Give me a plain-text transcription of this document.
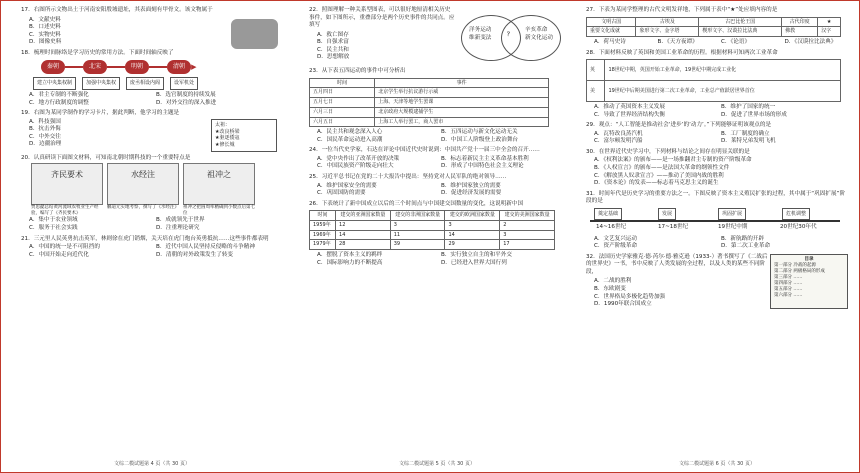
17．右图所示文物出土于河南安阳殷墟遗址，其表面刻有甲骨文。该文物属于
A．文献史料
B．口述史料
C．实物史料
D．图像史料
18．梳理时间脉络是学习历史的常用方法。下面时间轴反映了
秦朝	北宋	明朝	清朝 ▶
建立中央集权制	加强中央集权	废丞相设内阁	设军机处
A．君主专制的不断强化	B．选官制度的持续发展
C．地方行政制度的调整	D．对外交往的深入推进
19．右图为某同学制作的学习卡片，据此判断，他学习的主题是
A．科技强国
B．抗击外侮
C．中外交往
D．边疆治理
太祖：
★改良桥梁
★驱逐倭寇
★修长城
20．认真研读下面图文材料，可知南北朝时期科技的一个重要特点是
齐民要术
贾思勰总结黄河流域农牧业生产经验，编写了《齐民要术》
水经注
郦道元实地考察，撰写了《水经注》
祖冲之
祖冲之把圆周率精确到小数点后第七位
A．集中于农业领域	B．成就领先于世界
C．服务于社会实践	D．注重理论研究
21．三元里人民英勇抗击英军，林则徐在虎门销烟，关天培在虎门炮台英勇抵抗……这些事件都表明
A．中国的统一是不可阻挡的	B．近代中国人民坚持反侵略的斗争精神
C．中国开始走向近代化	D．清朝的对外政策发生了转变
文综二模试题第 4 页（共 30 页）
22．照图理解一种关系型图表，可以很好地厘清相关历史事件，如下图所示，重叠部分是两个历史事件的共同点。应填写
A．救亡图存
B．自强求富
C．民主共和
D．思想解放
洋务运动
维新变法
辛亥革命
新文化运动
？
23．从下表五四运动的事件中可分析出
时间	事件
五月四日	北京学生举行抗议游行示威
五月七日	上海、天津等地学生罢课
六月三日	北京政府大规模逮捕学生
六月五日	上海工人举行罢工，商人罢市
A．民主共和观念深入人心	B．五四运动与新文化运动无关
C．国民革命运动进入高潮	D．中国工人阶级登上政治舞台
24．一位当代史学家，石达在评论中国近代史时说到：中国共产党十一届三中全会的召开……
A．党中央作出了改革开放的决策	B．标志着新民主主义革命基本胜利
C．中国民族资产阶级走向壮大	D．形成了中国特色社会主义理论
25．习近平总书记在党的二十大报告中提出：坚持党对人民军队的绝对领导……
A．维护国家安全的需要	B．维护国家独立的需要
C．巩固国防的需要	D．促进经济发展的需要
26．下表统计了新中国成立以后的三个时间点与中国建交国数量的变化，这说明新中国
时间	建交的亚洲国家数量	建交的非洲国家数量	建交的欧洲国家数量	建交的美洲国家数量
1959年	12	3	3	2
1969年	14	11	14	3
1979年	28	39	29	17
A．摆脱了资本主义的羁绊	B．实行独立自主的和平外交
C．国际影响力的不断提高	D．已经进入世界大国行列
文综二模试题第 5 页（共 30 页）
27．下表为某同学整理的古代文明发祥地，下列属于表中“★”处应填内容的是
文明古国	古埃及	古巴比伦王国	古代印度	★
重要文化成就	象形文字、金字塔	楔形文字、汉谟拉比法典	佛教	汉字
A．荷马史诗	B．《天方夜谭》	C．《论语》	D．《汉谟拉比法典》
28．下面材料反映了英国和美国工业革命的历程。根据材料可知两次工业革命
英	18世纪中期，英国开始工业革命，19世纪中期完成工业化
美	19世纪中后期美国进行第二次工业革命，工业总产值跃居世界首位
A．推动了英国资本主义发展	B．维护了国家的统一
C．导致了世界经济结构失衡	D．促进了世界市场的形成
29．观点：“人工智能是推动社会‘进步’的‘动力’。”下列能够证明该观点的是
A．瓦特改良蒸汽机	B．工厂制度的确立
C．富尔顿发明汽船	D．莱特兄弟发明飞机
30．在世界近代史学习中，下列材料与结论之间存在明显关联的是
A．《权利法案》的颁布——是一场推翻君主专制的资产阶级革命
B．《人权宣言》的颁布——是法国大革命的纲领性文件
C．《解放黑人奴隶宣言》——推动了美国内战的胜利
D．《资本论》的发表——标志着马克思主义的诞生
31．时间年代是历史学习的重要方法之一。下图反映了资本主义殖民扩张的过程，其中属于“巩固扩展”阶段的是
奠定基础	发展	巩固扩展	危机调整
14~16世纪	17~18世纪	19世纪中期	20世纪30年代
A．文艺复兴运动	B．新航路的开辟
C．资产阶级革命	D．第二次工业革命
32．法国历史学家雅克·德·芮尔·德·雅克逊（1933-）著书撰写了《二战后的世界史》一书，书中反映了人类发展的全过程，以及人类的某些不同阶段，
A．二战的胜利
B．东欧剧变
C．世界格局多极化趋势加强
D．1990年联合国成立
目录
第一部分 冷战的起源
第二部分 两极格局的形成
第三部分 ……
第四部分 ……
第五部分 ……
第六部分 ……
文综二模试题第 6 页（共 30 页）
